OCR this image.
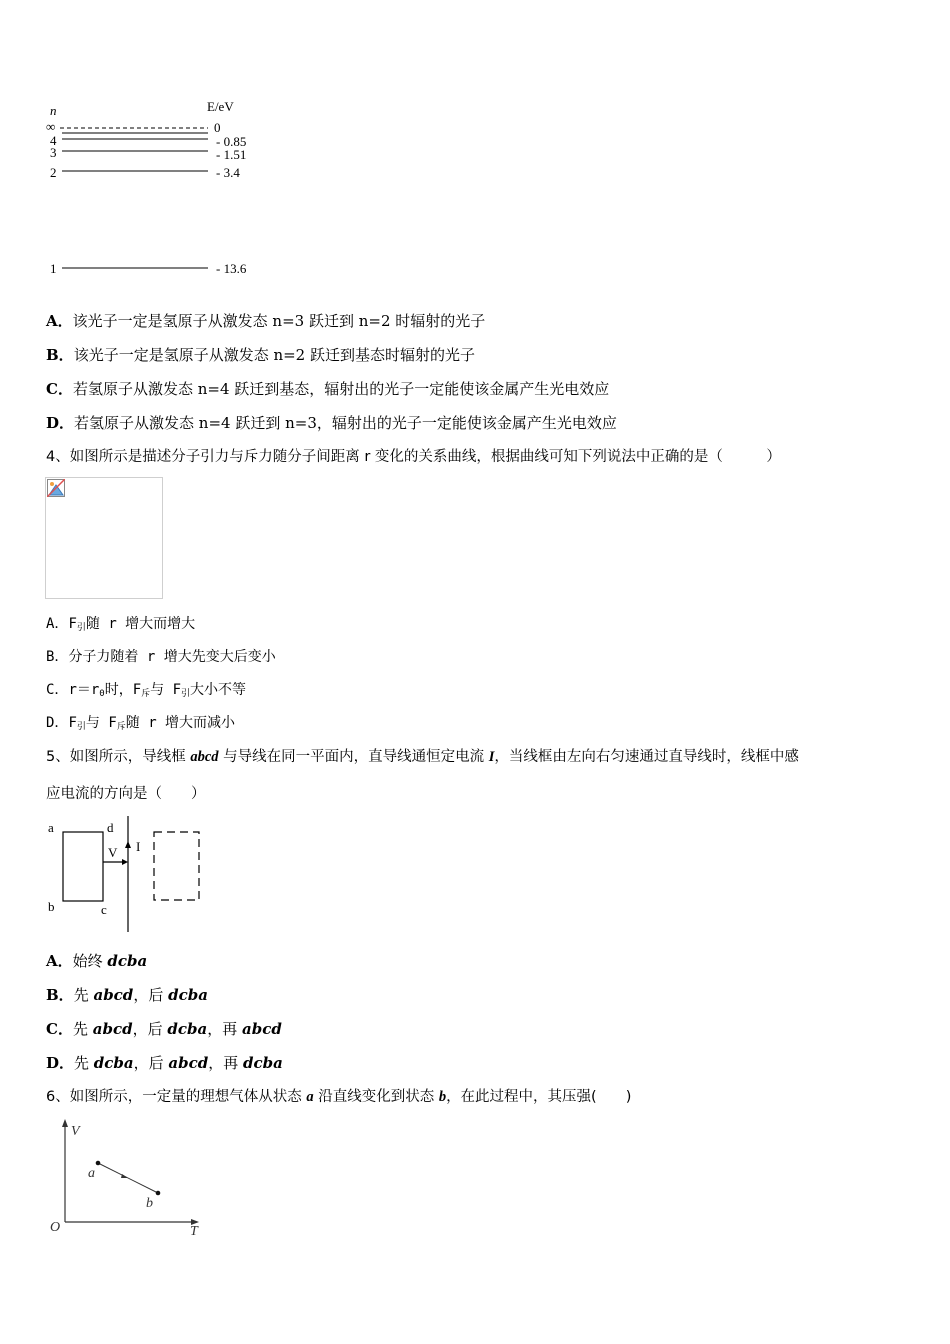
n	E/eV
∞	0
4	- 0.85
3	- 1.51
2	- 3.4
1	- 13.6
A．该光子一定是氢原子从激发态 n=3 跃迁到 n=2 时辐射的光子
B．该光子一定是氢原子从激发态 n=2 跃迁到基态时辐射的光子
C．若氢原子从激发态 n=4 跃迁到基态，辐射出的光子一定能使该金属产生光电效应
D．若氢原子从激发态 n=4 跃迁到 n=3，辐射出的光子一定能使该金属产生光电效应
4、如图所示是描述分子引力与斥力随分子间距离 r 变化的关系曲线，根据曲线可知下列说法中正确的是（　　　）
A．$F_引$随 r 增大而增大
B．分子力随着 r 增大先变大后变小
C．$r=r_0$时，$F_斥$与 $F_引$大小不等
D．$F_引$与 $F_斥$随 r 增大而减小
5、如图所示，导线框 abcd 与导线在同一平面内，直导线通恒定电流 I，当线框由左向右匀速通过直导线时，线框中感
应电流的方向是（　　）
a	d
b	c
V I
A．始终 dcba
B．先 abcd，后 dcba
C．先 abcd，后 dcba，再 abcd
D．先 dcba，后 abcd，再 dcba
6、如图所示，一定量的理想气体从状态 a 沿直线变化到状态 b，在此过程中，其压强(　　)
V
T
O
a
b
